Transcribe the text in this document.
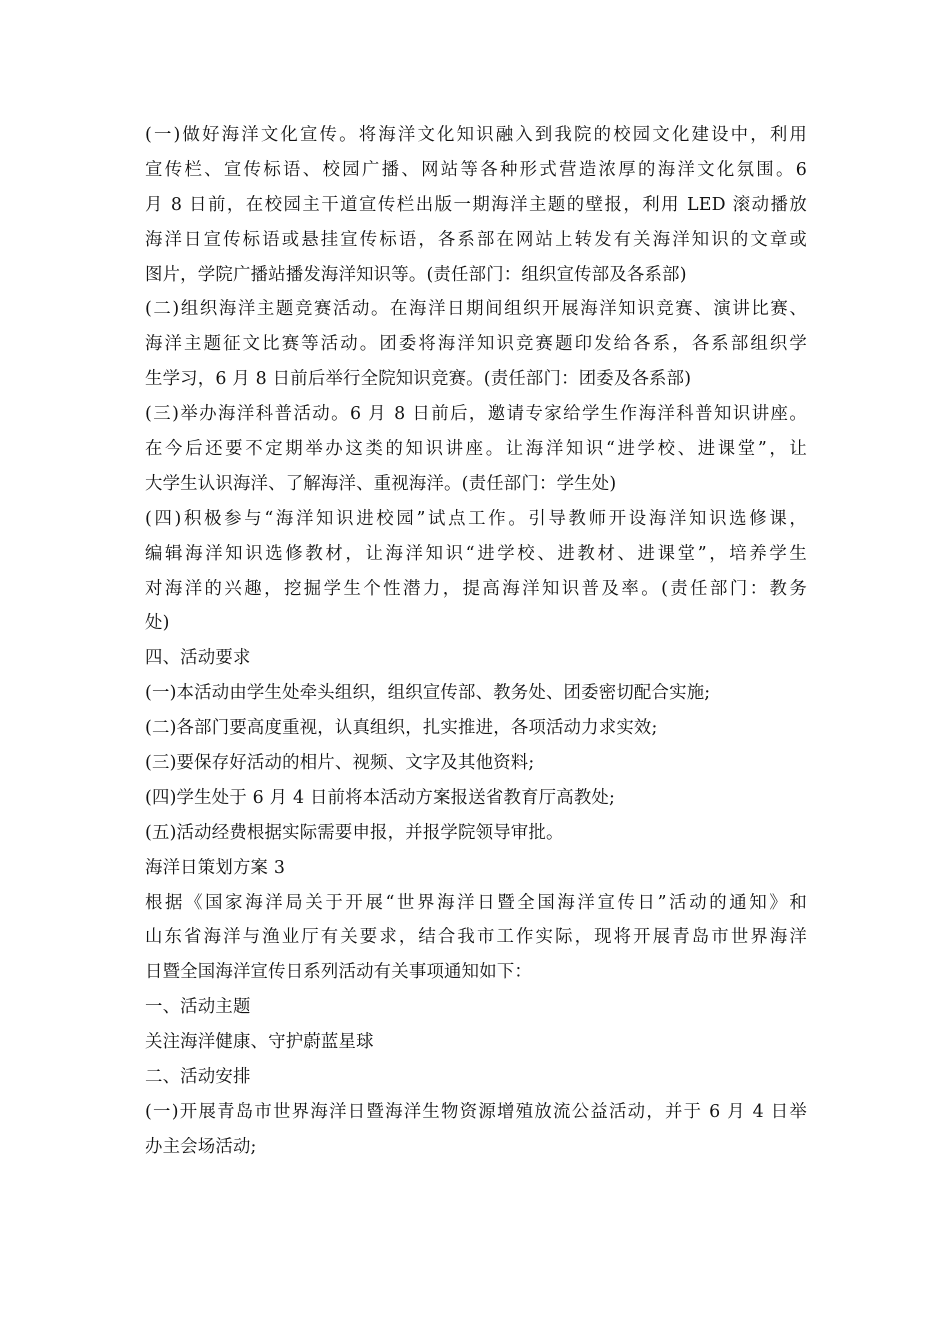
(一)做好海洋文化宣传。将海洋文化知识融入到我院的校园文化建设中，利用
宣传栏、宣传标语、校园广播、网站等各种形式营造浓厚的海洋文化氛围。6
月 8 日前，在校园主干道宣传栏出版一期海洋主题的壁报，利用 LED 滚动播放
海洋日宣传标语或悬挂宣传标语，各系部在网站上转发有关海洋知识的文章或
图片，学院广播站播发海洋知识等。(责任部门：组织宣传部及各系部)
(二)组织海洋主题竞赛活动。在海洋日期间组织开展海洋知识竞赛、演讲比赛、
海洋主题征文比赛等活动。团委将海洋知识竞赛题印发给各系，各系部组织学
生学习，6 月 8 日前后举行全院知识竞赛。(责任部门：团委及各系部)
(三)举办海洋科普活动。6 月 8 日前后，邀请专家给学生作海洋科普知识讲座。
在今后还要不定期举办这类的知识讲座。让海洋知识“进学校、进课堂”，让
大学生认识海洋、了解海洋、重视海洋。(责任部门：学生处)
(四)积极参与“海洋知识进校园”试点工作。引导教师开设海洋知识选修课，
编辑海洋知识选修教材，让海洋知识“进学校、进教材、进课堂”，培养学生
对海洋的兴趣，挖掘学生个性潜力，提高海洋知识普及率。(责任部门：教务
处)
四、活动要求
(一)本活动由学生处牵头组织，组织宣传部、教务处、团委密切配合实施;
(二)各部门要高度重视，认真组织，扎实推进，各项活动力求实效;
(三)要保存好活动的相片、视频、文字及其他资料;
(四)学生处于 6 月 4 日前将本活动方案报送省教育厅高教处;
(五)活动经费根据实际需要申报，并报学院领导审批。
海洋日策划方案 3
根据《国家海洋局关于开展“世界海洋日暨全国海洋宣传日”活动的通知》和
山东省海洋与渔业厅有关要求，结合我市工作实际，现将开展青岛市世界海洋
日暨全国海洋宣传日系列活动有关事项通知如下：
一、活动主题
关注海洋健康、守护蔚蓝星球
二、活动安排
(一)开展青岛市世界海洋日暨海洋生物资源增殖放流公益活动，并于 6 月 4 日举
办主会场活动;
